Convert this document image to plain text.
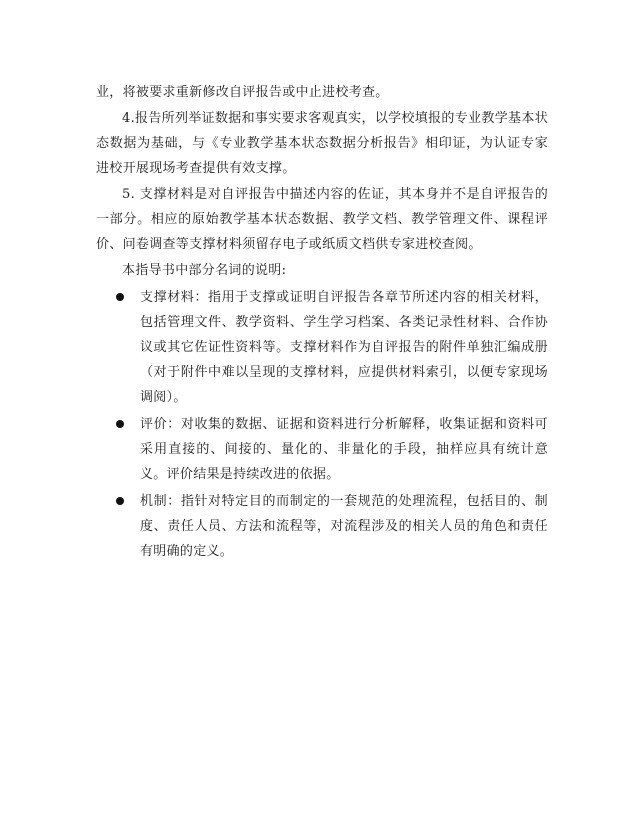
业，将被要求重新修改自评报告或中止进校考查。

4.报告所列举证数据和事实要求客观真实，以学校填报的专业教学基本状态数据为基础，与《专业教学基本状态数据分析报告》相印证，为认证专家进校开展现场考查提供有效支撑。

5. 支撑材料是对自评报告中描述内容的佐证，其本身并不是自评报告的一部分。相应的原始教学基本状态数据、教学文档、教学管理文件、课程评价、问卷调查等支撑材料须留存电子或纸质文档供专家进校查阅。

本指导书中部分名词的说明:

支撑材料：指用于支撑或证明自评报告各章节所述内容的相关材料，包括管理文件、教学资料、学生学习档案、各类记录性材料、合作协议或其它佐证性资料等。支撑材料作为自评报告的附件单独汇编成册（对于附件中难以呈现的支撑材料，应提供材料索引，以便专家现场调阅）。
评价：对收集的数据、证据和资料进行分析解释，收集证据和资料可采用直接的、间接的、量化的、非量化的手段，抽样应具有统计意义。评价结果是持续改进的依据。
机制：指针对特定目的而制定的一套规范的处理流程，包括目的、制度、责任人员、方法和流程等，对流程涉及的相关人员的角色和责任有明确的定义。
